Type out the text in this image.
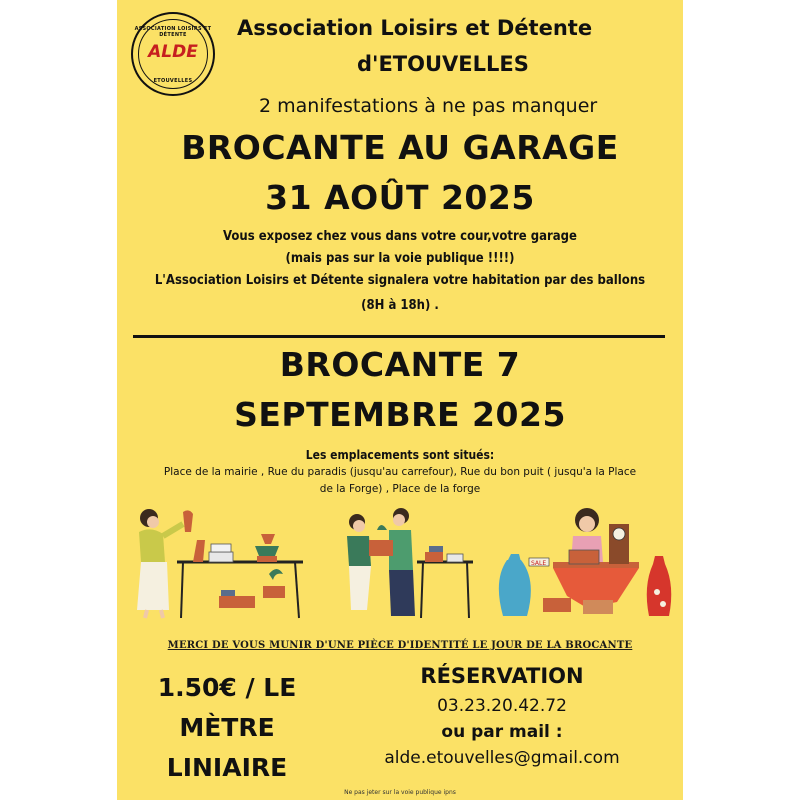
ASSOCIATION LOISIRS ET DÉTENTE
ALDE
ETOUVELLES
Association Loisirs et Détente
d'ETOUVELLES
2 manifestations à ne pas manquer
BROCANTE AU GARAGE
31 AOÛT 2025
Vous exposez chez vous dans votre cour,votre garage
(mais pas sur la voie publique !!!!)
L'Association Loisirs et Détente signalera votre habitation par des ballons
(8H à 18h) .
BROCANTE 7
SEPTEMBRE 2025
Les emplacements sont situés:
Place de la mairie , Rue du paradis (jusqu'au carrefour), Rue du bon puit ( jusqu'a la Place
de la Forge) , Place de la forge
SALE
MERCI DE VOUS MUNIR D'UNE PIÈCE D'IDENTITÉ LE JOUR DE LA BROCANTE
1.50€ / LE
MÈTRE
LINIAIRE
RÉSERVATION
03.23.20.42.72
ou par mail :
alde.etouvelles@gmail.com
Ne pas jeter sur la voie publique ipns
